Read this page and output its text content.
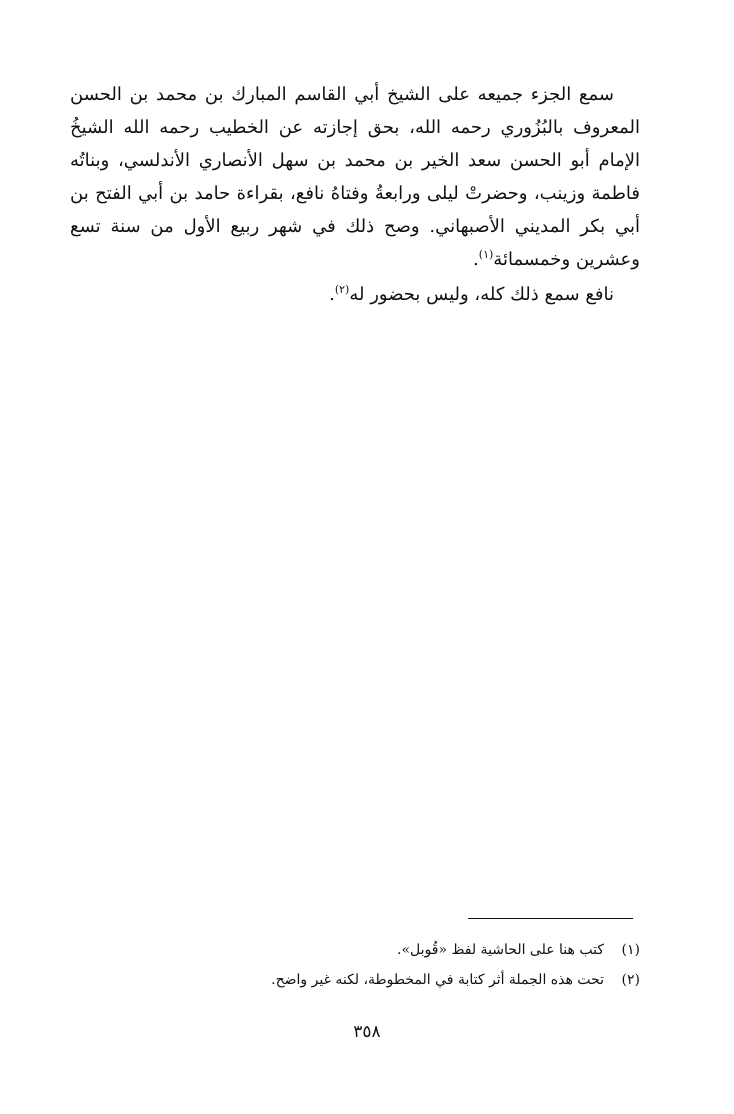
سمع الجزء جميعه على الشيخ أبي القاسم المبارك بن محمد بن الحسن المعروف بالبُزُوري رحمه الله، بحق إجازته عن الخطيب رحمه الله الشيخُ الإمام أبو الحسن سعد الخير بن محمد بن سهل الأنصاري الأندلسي، وبناتُه فاطمة وزينب، وحضرتْ ليلى ورابعةُ وفتاهُ نافع، بقراءة حامد بن أبي الفتح بن أبي بكر المديني الأصبهاني. وصح ذلك في شهر ربيع الأول من سنة تسع وعشرين وخمسمائة$^{(١)}$.

نافع سمع ذلك كله، وليس بحضور له$^{(٢)}$.

(١)
كتب هنا على الحاشية لفظ «قُوبل».
(٢)
تحت هذه الجملة أثر كتابة في المخطوطة، لكنه غير واضح.
٣٥٨
